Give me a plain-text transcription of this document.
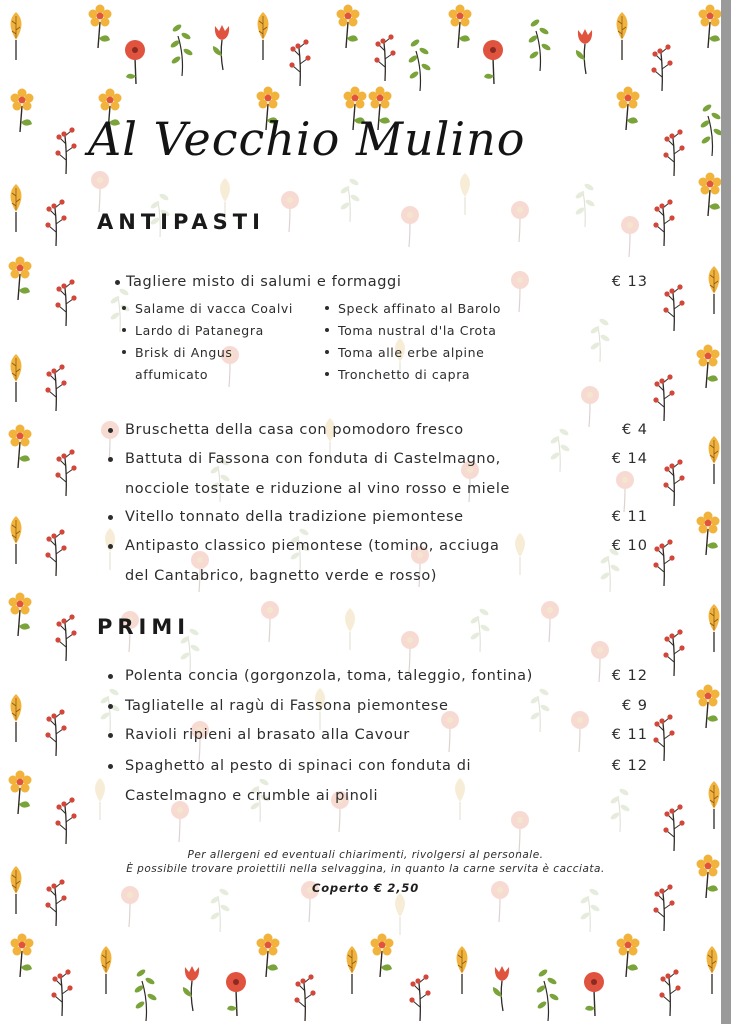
Al Vecchio Mulino
ANTIPASTI
Tagliere misto di salumi e formaggi	€ 13
Salame di vacca Coalvi
Lardo di Patanegra
Brisk di Angus
affumicato
Speck affinato al Barolo
Toma nustral d'la Crota
Toma alle erbe alpine
Tronchetto di capra
Bruschetta della casa con pomodoro fresco	€ 4
Battuta di Fassona con fonduta di Castelmagno,
nocciole tostate e riduzione al vino rosso e miele
€ 14
Vitello tonnato della tradizione piemontese	€ 11
Antipasto classico piemontese (tomino, acciuga
del Cantabrico, bagnetto verde e rosso)
€ 10
PRIMI
Polenta concia (gorgonzola, toma, taleggio, fontina)	€ 12
Tagliatelle al ragù di Fassona piemontese	€ 9
Ravioli ripieni al brasato alla Cavour	€ 11
Spaghetto al pesto di spinaci con fonduta di
Castelmagno e crumble ai pinoli
€ 12
Per allergeni ed eventuali chiarimenti, rivolgersi al personale.
È possibile trovare proiettili nella selvaggina, in quanto la carne servita è cacciata.
Coperto € 2,50
